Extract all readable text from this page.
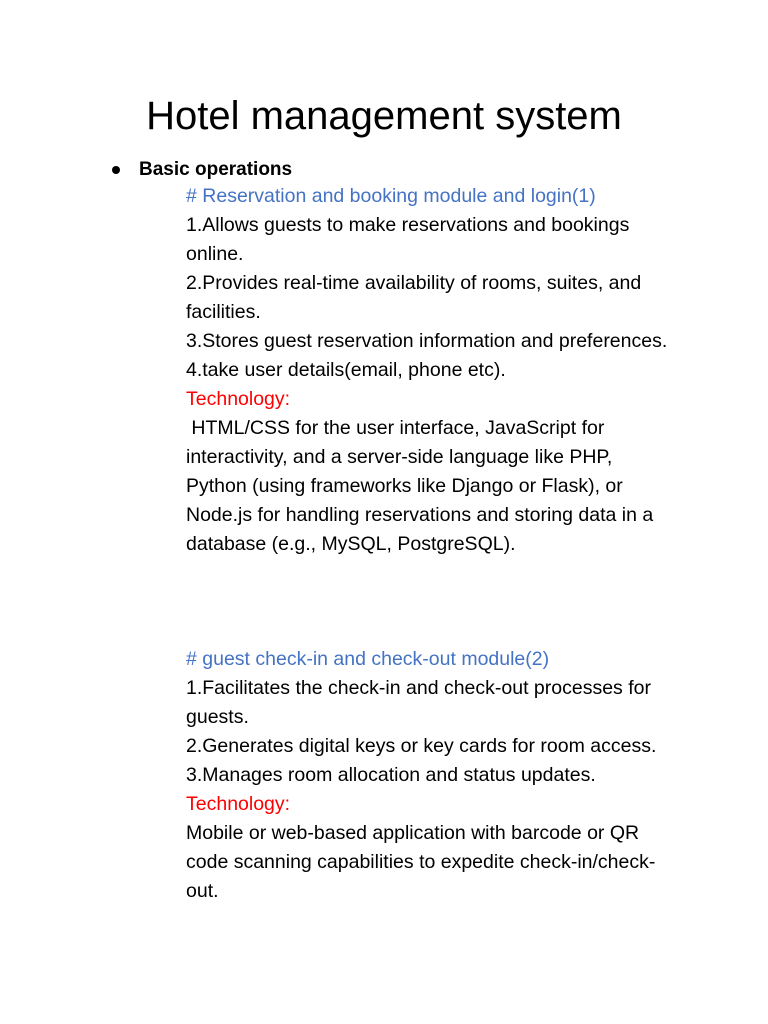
Hotel management system
Basic operations

# Reservation and booking module and login(1)

1.Allows guests to make reservations and bookings online.

2.Provides real-time availability of rooms, suites, and facilities.

3.Stores guest reservation information and preferences.

4.take user details(email, phone etc).

Technology:

HTML/CSS for the user interface, JavaScript for interactivity, and a server-side language like PHP, Python (using frameworks like Django or Flask), or Node.js for handling reservations and storing data in a database (e.g., MySQL, PostgreSQL).

# guest check-in and check-out module(2)

1.Facilitates the check-in and check-out processes for guests.

2.Generates digital keys or key cards for room access.

3.Manages room allocation and status updates.

Technology:

Mobile or web-based application with barcode or QR code scanning capabilities to expedite check-in/check-out.
